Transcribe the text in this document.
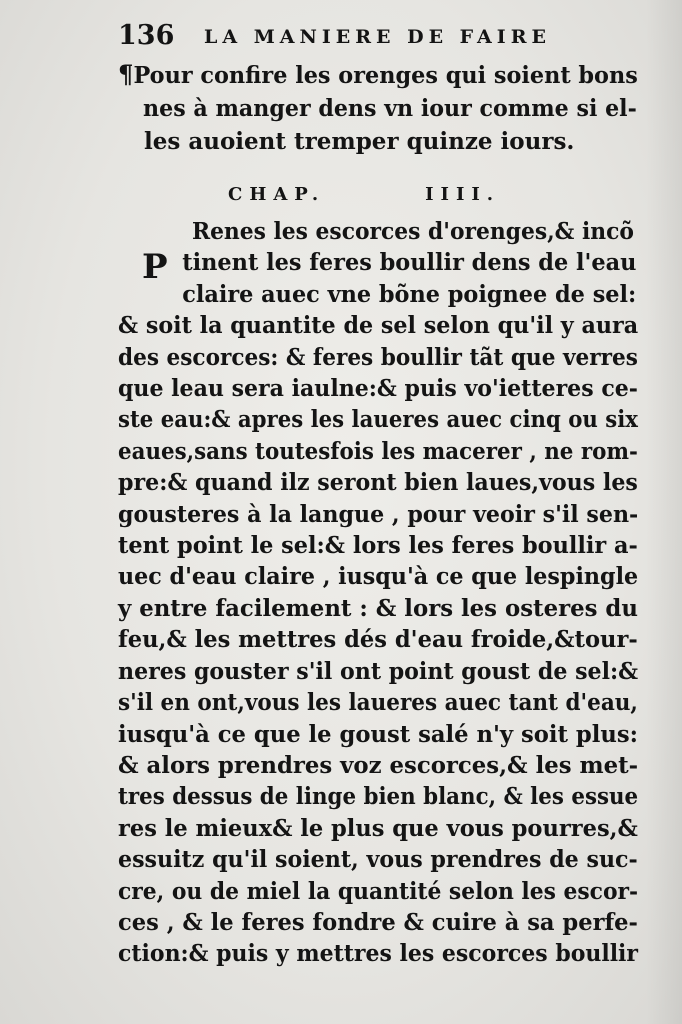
136 LA MANIERE DE FAIRE
¶Pour confire les orenges qui soient bons
nes à manger dens vn iour comme si el-
les auoient tremper quinze iours.
CHAP.	IIII.
P
Renes les escorces d'orenges,& incõ
tinent les feres boullir dens de l'eau
claire auec vne bõne poignee de sel:
& soit la quantite de sel selon qu'il y aura
des escorces: & feres boullir tãt que verres
que leau sera iaulne:& puis vo'ietteres ce-
ste eau:& apres les laueres auec cinq ou six
eaues,sans toutesfois les macerer , ne rom-
pre:& quand ilz seront bien laues,vous les
gousteres à la langue , pour veoir s'il sen-
tent point le sel:& lors les feres boullir a-
uec d'eau claire , iusqu'à ce que lespingle
y entre facilement : & lors les osteres du
feu,& les mettres dés d'eau froide,&tour-
neres gouster s'il ont point goust de sel:&
s'il en ont,vous les laueres auec tant d'eau,
iusqu'à ce que le goust salé n'y soit plus:
& alors prendres voz escorces,& les met-
tres dessus de linge bien blanc, & les essue
res le mieux& le plus que vous pourres,&
essuitz qu'il soient, vous prendres de suc-
cre, ou de miel la quantité selon les escor-
ces , & le feres fondre & cuire à sa perfe-
ction:& puis y mettres les escorces boullir
